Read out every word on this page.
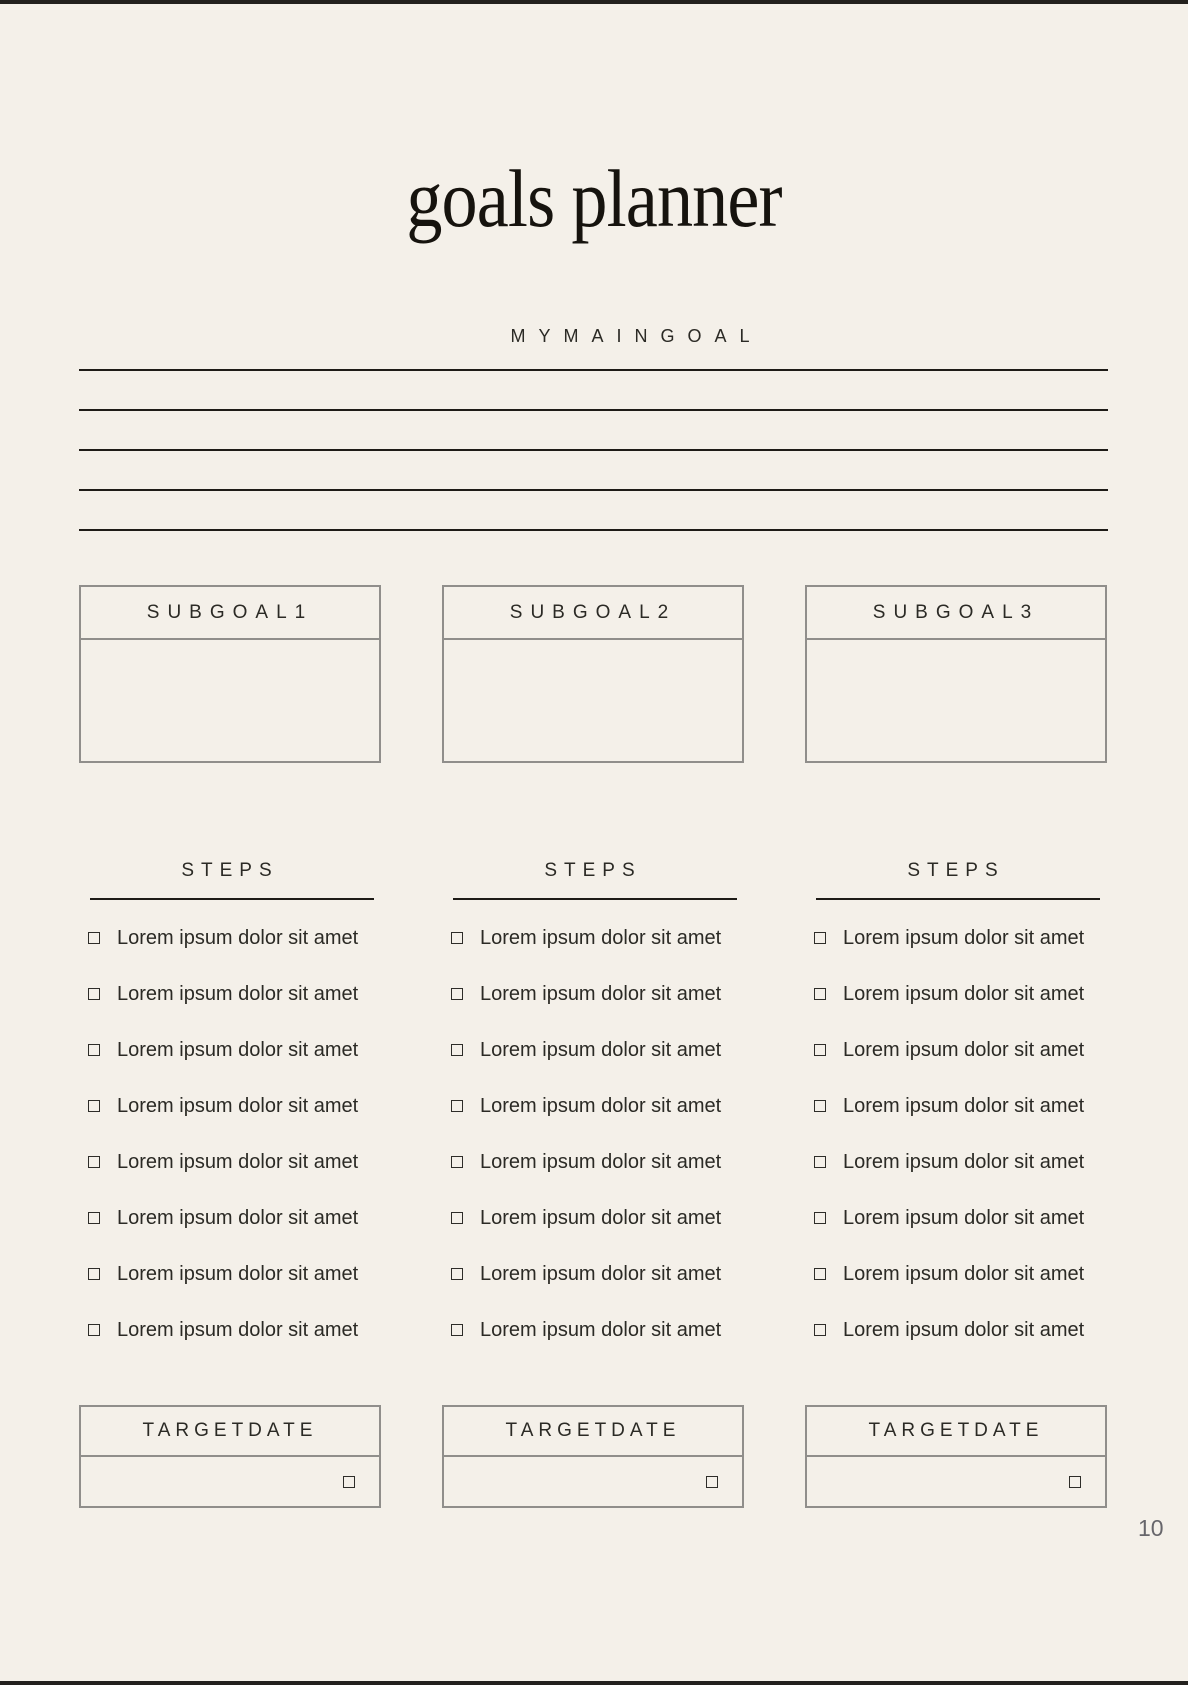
goals planner
MYMAINGOAL
SUBGOAL1
STEPS
Lorem ipsum dolor sit amet
Lorem ipsum dolor sit amet
Lorem ipsum dolor sit amet
Lorem ipsum dolor sit amet
Lorem ipsum dolor sit amet
Lorem ipsum dolor sit amet
Lorem ipsum dolor sit amet
Lorem ipsum dolor sit amet
TARGETDATE
SUBGOAL2
STEPS
Lorem ipsum dolor sit amet
Lorem ipsum dolor sit amet
Lorem ipsum dolor sit amet
Lorem ipsum dolor sit amet
Lorem ipsum dolor sit amet
Lorem ipsum dolor sit amet
Lorem ipsum dolor sit amet
Lorem ipsum dolor sit amet
TARGETDATE
SUBGOAL3
STEPS
Lorem ipsum dolor sit amet
Lorem ipsum dolor sit amet
Lorem ipsum dolor sit amet
Lorem ipsum dolor sit amet
Lorem ipsum dolor sit amet
Lorem ipsum dolor sit amet
Lorem ipsum dolor sit amet
Lorem ipsum dolor sit amet
TARGETDATE
10
